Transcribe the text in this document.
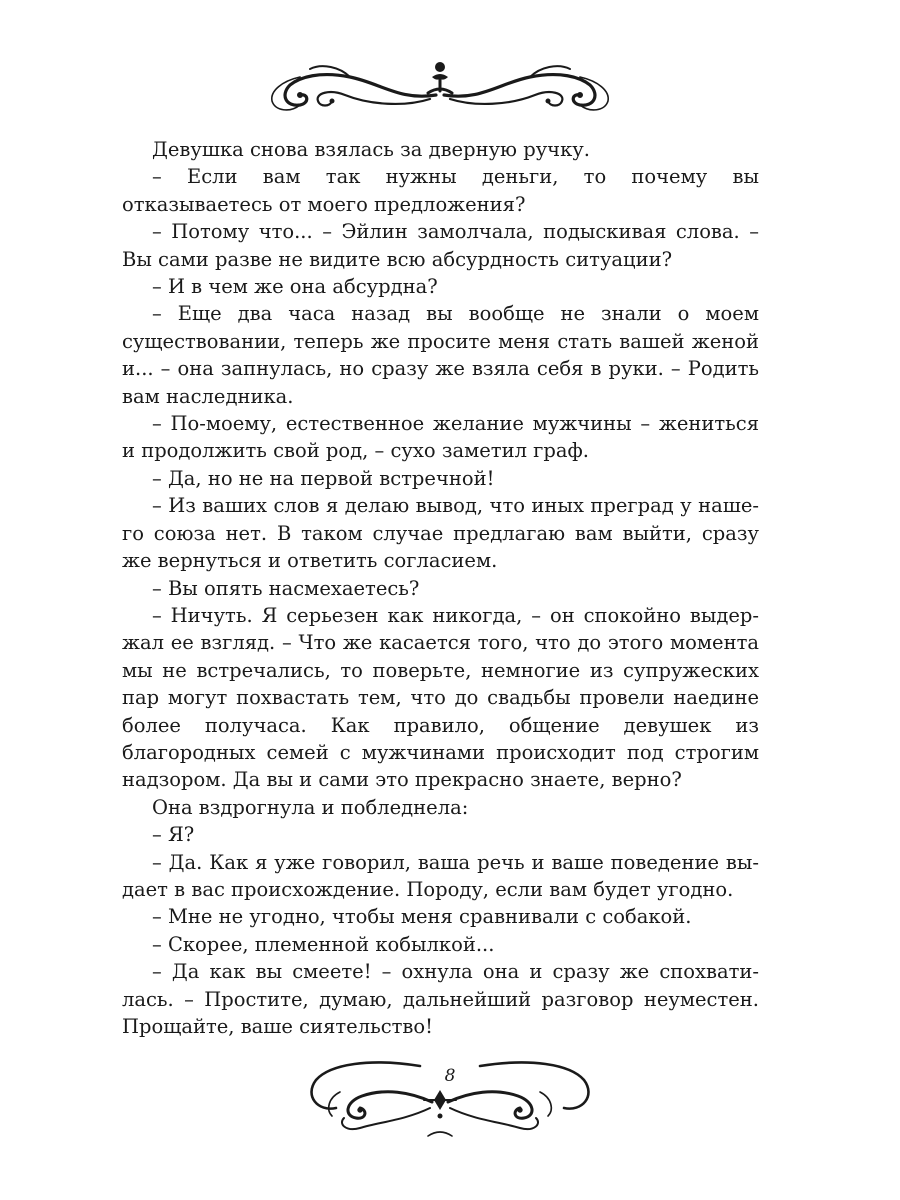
Девушка снова взялась за дверную ручку.

– Если вам так нужны деньги, то почему вы отказываетесь от моего предложения?

– Потому что... – Эйлин замолчала, подыскивая слова. – Вы сами разве не видите всю абсурдность ситуации?

– И в чем же она абсурдна?

– Еще два часа назад вы вообще не знали о моем существовании, теперь же просите меня стать вашей женой и... – она запнулась, но сразу же взяла себя в руки. – Родить вам наследника.

– По-моему, естественное желание мужчины – жениться и продолжить свой род, – сухо заметил граф.

– Да, но не на первой встречной!

– Из ваших слов я делаю вывод, что иных преград у нашего союза нет. В таком случае предлагаю вам выйти, сразу же вернуться и ответить согласием.

– Вы опять насмехаетесь?

– Ничуть. Я серьезен как никогда, – он спокойно выдержал ее взгляд. – Что же касается того, что до этого момента мы не встречались, то поверьте, немногие из супружеских пар могут похвастать тем, что до свадьбы провели наедине более получаса. Как правило, общение девушек из благородных семей с мужчинами происходит под строгим надзором. Да вы и сами это прекрасно знаете, верно?

Она вздрогнула и побледнела:

– Я?

– Да. Как я уже говорил, ваша речь и ваше поведение выдает в вас происхождение. Породу, если вам будет угодно.

– Мне не угодно, чтобы меня сравнивали с собакой.

– Скорее, племенной кобылкой...

– Да как вы смеете! – охнула она и сразу же спохватилась. – Простите, думаю, дальнейший разговор неуместен. Прощайте, ваше сиятельство!

8
